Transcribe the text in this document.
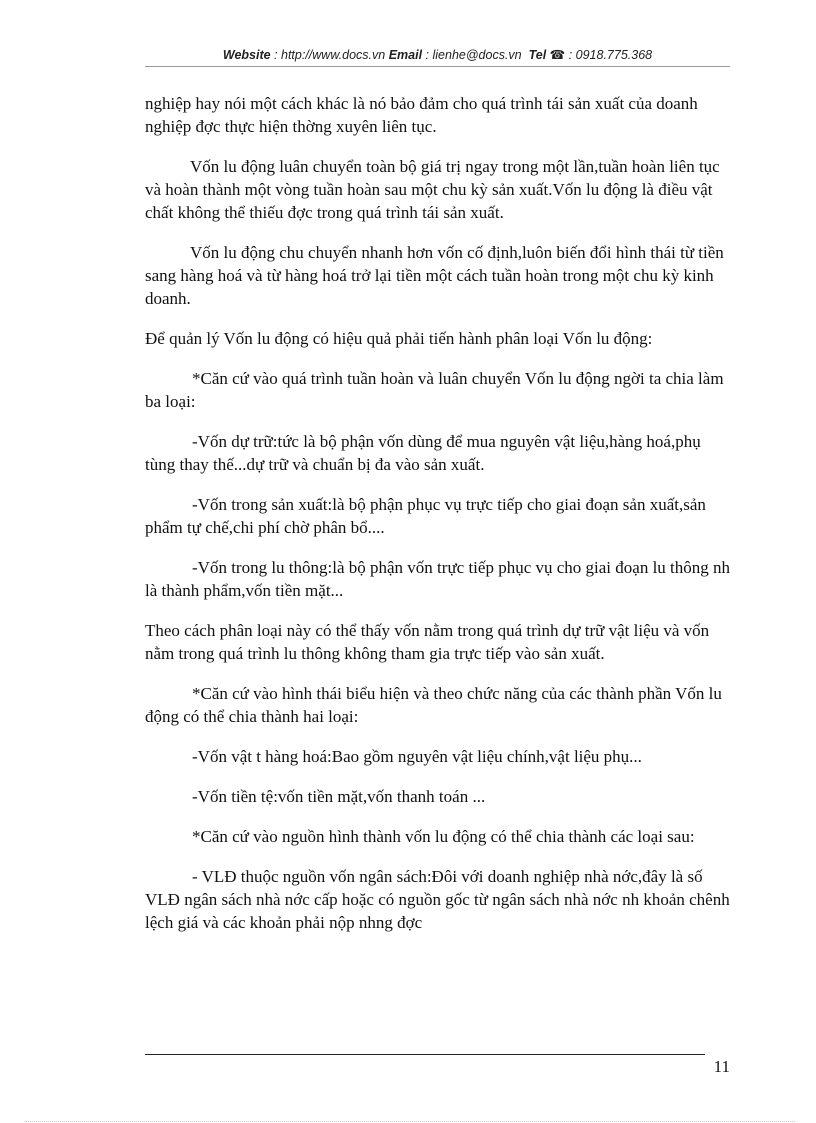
Website : http://www.docs.vn Email : lienhe@docs.vn Tel ☎ : 0918.775.368

nghiệp hay nói một cách khác là nó bảo đảm cho quá trình tái sản xuất của doanh nghiệp đợc thực hiện thờng xuyên liên tục.

Vốn lu động luân chuyển toàn bộ giá trị ngay trong một lần,tuần hoàn liên tục và hoàn thành một vòng tuần hoàn sau một chu kỳ sản xuất.Vốn lu động là điều vật chất không thể thiếu đợc trong quá trình tái sản xuất.

Vốn lu động chu chuyển nhanh hơn vốn cố định,luôn biến đổi hình thái từ tiền sang hàng hoá và từ hàng hoá trở lại tiền một cách tuần hoàn trong một chu kỳ kinh doanh.

Để quản lý Vốn lu động có hiệu quả phải tiến hành phân loại Vốn lu động:

*Căn cứ vào quá trình tuần hoàn và luân chuyển Vốn lu động ngời ta chia làm ba loại:

-Vốn dự trữ:tức là bộ phận vốn dùng để mua nguyên vật liệu,hàng hoá,phụ tùng thay thế...dự trữ và chuẩn bị đa vào sản xuất.

-Vốn trong sản xuất:là bộ phận phục vụ trực tiếp cho giai đoạn sản xuất,sản phẩm tự chế,chi phí chờ phân bổ....

-Vốn trong lu thông:là bộ phận vốn trực tiếp phục vụ cho giai đoạn lu thông nh là thành phẩm,vốn tiền mặt...

Theo cách phân loại này có thể thấy vốn nằm trong quá trình dự trữ vật liệu và vốn nằm trong quá trình lu thông không tham gia trực tiếp vào sản xuất.

*Căn cứ vào hình thái biểu hiện và theo chức năng của các thành phần Vốn lu động có thể chia thành hai loại:

-Vốn vật t hàng hoá:Bao gồm nguyên vật liệu chính,vật liệu phụ...

-Vốn tiền tệ:vốn tiền mặt,vốn thanh toán ...

*Căn cứ vào nguồn hình thành vốn lu động có thể chia thành các loại sau:

- VLĐ thuộc nguồn vốn ngân sách:Đôi với doanh nghiệp nhà nớc,đây là số VLĐ ngân sách nhà nớc cấp hoặc có nguồn gốc từ ngân sách nhà nớc nh khoản chênh lệch giá và các khoản phải nộp nhng đợc

11
